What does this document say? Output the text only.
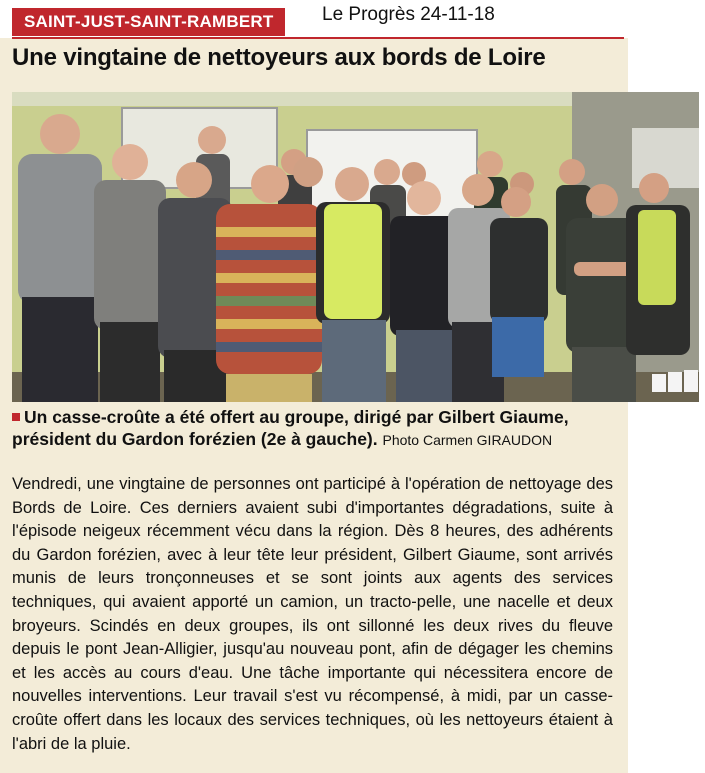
SAINT-JUST-SAINT-RAMBERT	Le Progrès 24-11-18
Une vingtaine de nettoyeurs aux bords de Loire
Un casse-croûte a été offert au groupe, dirigé par Gilbert Giaume, président du Gardon forézien (2e à gauche). Photo Carmen GIRAUDON
Vendredi, une vingtaine de personnes ont participé à l'opération de nettoyage des Bords de Loire. Ces derniers avaient subi d'importantes dégradations, suite à l'épisode neigeux récemment vécu dans la région. Dès 8 heures, des adhérents du Gardon forézien, avec à leur tête leur président, Gilbert Giaume, sont arrivés munis de leurs tronçonneuses et se sont joints aux agents des services techniques, qui avaient apporté un camion, un tracto-pelle, une nacelle et deux broyeurs. Scindés en deux groupes, ils ont sillonné les deux rives du fleuve depuis le pont Jean-Alligier, jusqu'au nouveau pont, afin de dégager les chemins et les accès au cours d'eau. Une tâche importante qui nécessitera encore de nouvelles interventions. Leur travail s'est vu récompensé, à midi, par un casse-croûte offert dans les locaux des services techniques, où les nettoyeurs étaient à l'abri de la pluie.
